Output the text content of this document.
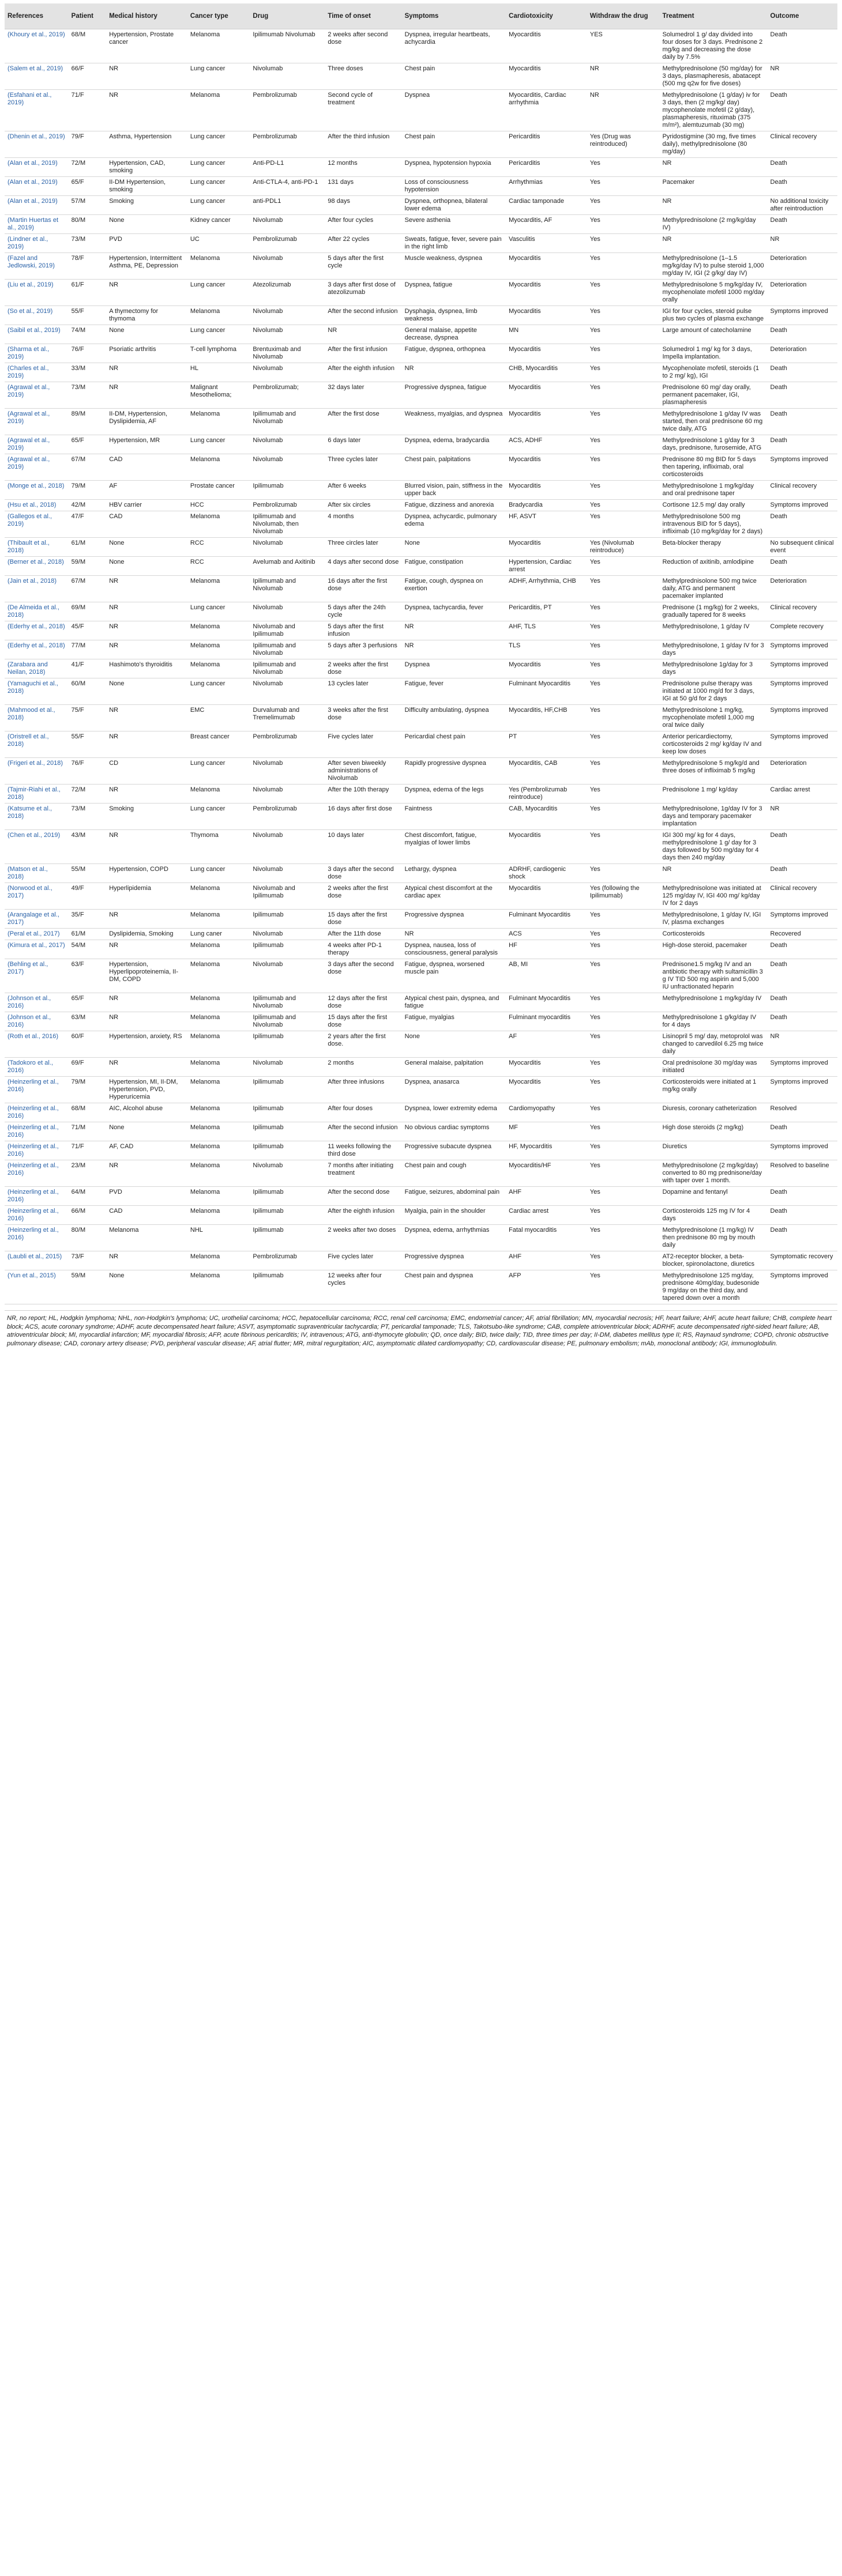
References	Patient	Medical history	Cancer type	Drug	Time of onset	Symptoms	Cardiotoxicity	Withdraw the drug	Treatment	Outcome
(Khoury et al., 2019)	68/M	Hypertension, Prostate cancer	Melanoma	Ipilimumab Nivolumab	2 weeks after second dose	Dyspnea, irregular heartbeats, achycardia	Myocarditis	YES	Solumedrol 1 g/ day divided into four doses for 3 days. Prednisone 2 mg/kg and decreasing the dose daily by 7.5%	Death
(Salem et al., 2019)	66/F	NR	Lung cancer	Nivolumab	Three doses	Chest pain	Myocarditis	NR	Methylprednisolone (50 mg/day) for 3 days, plasmapheresis, abatacept (500 mg q2w for five doses)	NR
(Esfahani et al., 2019)	71/F	NR	Melanoma	Pembrolizumab	Second cycle of treatment	Dyspnea	Myocarditis, Cardiac arrhythmia	NR	Methylprednisolone (1 g/day) iv for 3 days, then (2 mg/kg/ day) mycophenolate mofetil (2 g/day), plasmapheresis, rituximab (375 m/m²), alemtuzumab (30 mg)	Death
(Dhenin et al., 2019)	79/F	Asthma, Hypertension	Lung cancer	Pembrolizumab	After the third infusion	Chest pain	Pericarditis	Yes (Drug was reintroduced)	Pyridostigmine (30 mg, five times daily), methylprednisolone (80 mg/day)	Clinical recovery
(Alan et al., 2019)	72/M	Hypertension, CAD, smoking	Lung cancer	Anti-PD-L1	12 months	Dyspnea, hypotension hypoxia	Pericarditis	Yes	NR	Death
(Alan et al., 2019)	65/F	II-DM Hypertension, smoking	Lung cancer	Anti-CTLA-4, anti-PD-1	131 days	Loss of consciousness hypotension	Arrhythmias	Yes	Pacemaker	Death
(Alan et al., 2019)	57/M	Smoking	Lung cancer	anti-PDL1	98 days	Dyspnea, orthopnea, bilateral lower edema	Cardiac tamponade	Yes	NR	No additional toxicity after reintroduction
(Martin Huertas et al., 2019)	80/M	None	Kidney cancer	Nivolumab	After four cycles	Severe asthenia	Myocarditis, AF	Yes	Methylprednisolone (2 mg/kg/day IV)	Death
(Lindner et al., 2019)	73/M	PVD	UC	Pembrolizumab	After 22 cycles	Sweats, fatigue, fever, severe pain in the right limb	Vasculitis	Yes	NR	NR
(Fazel and Jedlowski, 2019)	78/F	Hypertension, Intermittent Asthma, PE, Depression	Melanoma	Nivolumab	5 days after the first cycle	Muscle weakness, dyspnea	Myocarditis	Yes	Methylprednisolone (1–1.5 mg/kg/day IV) to pulse steroid 1,000 mg/day IV, IGI (2 g/kg/ day IV)	Deterioration
(Liu et al., 2019)	61/F	NR	Lung cancer	Atezolizumab	3 days after first dose of atezolizumab	Dyspnea, fatigue	Myocarditis	Yes	Methylprednisolone 5 mg/kg/day IV, mycophenolate mofetil 1000 mg/day orally	Deterioration
(So et al., 2019)	55/F	A thymectomy for thymoma	Melanoma	Nivolumab	After the second infusion	Dysphagia, dyspnea, limb weakness	Myocarditis	Yes	IGI for four cycles, steroid pulse plus two cycles of plasma exchange	Symptoms improved
(Saibil et al., 2019)	74/M	None	Lung cancer	Nivolumab	NR	General malaise, appetite decrease, dyspnea	MN	Yes	Large amount of catecholamine	Death
(Sharma et al., 2019)	76/F	Psoriatic arthritis	T-cell lymphoma	Brentuximab and Nivolumab	After the first infusion	Fatigue, dyspnea, orthopnea	Myocarditis	Yes	Solumedrol 1 mg/ kg for 3 days, Impella implantation.	Deterioration
(Charles et al., 2019)	33/M	NR	HL	Nivolumab	After the eighth infusion	NR	CHB, Myocarditis	Yes	Mycophenolate mofetil, steroids (1 to 2 mg/ kg), IGI	Death
(Agrawal et al., 2019)	73/M	NR	Malignant Mesothelioma;	Pembrolizumab;	32 days later	Progressive dyspnea, fatigue	Myocarditis	Yes	Prednisolone 60 mg/ day orally, permanent pacemaker, IGI, plasmapheresis	Death
(Agrawal et al., 2019)	89/M	II-DM, Hypertension, Dyslipidemia, AF	Melanoma	Ipilimumab and Nivolumab	After the first dose	Weakness, myalgias, and dyspnea	Myocarditis	Yes	Methylprednisolone 1 g/day IV was started, then oral prednisone 60 mg twice daily, ATG	Death
(Agrawal et al., 2019)	65/F	Hypertension, MR	Lung cancer	Nivolumab	6 days later	Dyspnea, edema, bradycardia	ACS, ADHF	Yes	Methylprednisolone 1 g/day for 3 days, prednisone, furosemide, ATG	Death
(Agrawal et al., 2019)	67/M	CAD	Melanoma	Nivolumab	Three cycles later	Chest pain, palpitations	Myocarditis	Yes	Prednisone 80 mg BID for 5 days then tapering, infliximab, oral corticosteroids	Symptoms improved
(Monge et al., 2018)	79/M	AF	Prostate cancer	Ipilimumab	After 6 weeks	Blurred vision, pain, stiffness in the upper back	Myocarditis	Yes	Methylprednisolone 1 mg/kg/day and oral prednisone taper	Clinical recovery
(Hsu et al., 2018)	42/M	HBV carrier	HCC	Pembrolizumab	After six circles	Fatigue, dizziness and anorexia	Bradycardia	Yes	Cortisone 12.5 mg/ day orally	Symptoms improved
(Gallegos et al., 2019)	47/F	CAD	Melanoma	Ipilimumab and Nivolumab, then Nivolumab	4 months	Dyspnea, achycardic, pulmonary edema	HF, ASVT	Yes	Methylprednisolone 500 mg intravenous BID for 5 days), infliximab (10 mg/kg/day for 2 days)	Death
(Thibault et al., 2018)	61/M	None	RCC	Nivolumab	Three circles later	None	Myocarditis	Yes (Nivolumab reintroduce)	Beta-blocker therapy	No subsequent clinical event
(Berner et al., 2018)	59/M	None	RCC	Avelumab and Axitinib	4 days after second dose	Fatigue, constipation	Hypertension, Cardiac arrest	Yes	Reduction of axitinib, amlodipine	Death
(Jain et al., 2018)	67/M	NR	Melanoma	Ipilimumab and Nivolumab	16 days after the first dose	Fatigue, cough, dyspnea on exertion	ADHF, Arrhythmia, CHB	Yes	Methylprednisolone 500 mg twice daily, ATG and permanent pacemaker implanted	Deterioration
(De Almeida et al., 2018)	69/M	NR	Lung cancer	Nivolumab	5 days after the 24th cycle	Dyspnea, tachycardia, fever	Pericarditis, PT	Yes	Prednisone (1 mg/kg) for 2 weeks, gradually tapered for 8 weeks	Clinical recovery
(Ederhy et al., 2018)	45/F	NR	Melanoma	Nivolumab and Ipilimumab	5 days after the first infusion	NR	AHF, TLS	Yes	Methylprednisolone, 1 g/day IV	Complete recovery
(Ederhy et al., 2018)	77/M	NR	Melanoma	Ipilimumab and Nivolumab	5 days after 3 perfusions	NR	TLS	Yes	Methylprednisolone, 1 g/day IV for 3 days	Symptoms improved
(Zarabara and Neilan, 2018)	41/F	Hashimoto's thyroiditis	Melanoma	Ipilimumab and Nivolumab	2 weeks after the first dose	Dyspnea	Myocarditis	Yes	Methylprednisolone 1g/day for 3 days	Symptoms improved
(Yamaguchi et al., 2018)	60/M	None	Lung cancer	Nivolumab	13 cycles later	Fatigue, fever	Fulminant Myocarditis	Yes	Prednisolone pulse therapy was initiated at 1000 mg/d for 3 days, IGI at 50 g/d for 2 days	Symptoms improved
(Mahmood et al., 2018)	75/F	NR	EMC	Durvalumab and Tremelimumab	3 weeks after the first dose	Difficulty ambulating, dyspnea	Myocarditis, HF,CHB	Yes	Methylprednisolone 1 mg/kg, mycophenolate mofetil 1,000 mg oral twice daily	Symptoms improved
(Oristrell et al., 2018)	55/F	NR	Breast cancer	Pembrolizumab	Five cycles later	Pericardial chest pain	PT	Yes	Anterior pericardiectomy, corticosteroids 2 mg/ kg/day IV and keep low doses	Symptoms improved
(Frigeri et al., 2018)	76/F	CD	Lung cancer	Nivolumab	After seven biweekly administrations of Nivolumab	Rapidly progressive dyspnea	Myocarditis, CAB	Yes	Methylprednisolone 5 mg/kg/d and three doses of infliximab 5 mg/kg	Deterioration
(Tajmir-Riahi et al., 2018)	72/M	NR	Melanoma	Nivolumab	After the 10th therapy	Dyspnea, edema of the legs	Yes (Pembrolizumab reintroduce)	Yes	Prednisolone 1 mg/ kg/day	Cardiac arrest
(Katsume et al., 2018)	73/M	Smoking	Lung cancer	Pembrolizumab	16 days after first dose	Faintness	CAB, Myocarditis	Yes	Methylprednisolone, 1g/day IV for 3 days and temporary pacemaker implantation	NR
(Chen et al., 2019)	43/M	NR	Thymoma	Nivolumab	10 days later	Chest discomfort, fatigue, myalgias of lower limbs	Myocarditis	Yes	IGI 300 mg/ kg for 4 days, methylprednisolone 1 g/ day for 3 days followed by 500 mg/day for 4 days then 240 mg/day	Death
(Matson et al., 2018)	55/M	Hypertension, COPD	Lung cancer	Nivolumab	3 days after the second dose	Lethargy, dyspnea	ADRHF, cardiogenic shock	Yes	NR	Death
(Norwood et al., 2017)	49/F	Hyperlipidemia	Melanoma	Nivolumab and Ipilimumab	2 weeks after the first dose	Atypical chest discomfort at the cardiac apex	Myocarditis	Yes (following the Ipilimumab)	Methylprednisolone was initiated at 125 mg/day IV, IGI 400 mg/ kg/day IV for 2 days	Clinical recovery
(Arangalage et al., 2017)	35/F	NR	Melanoma	Ipilimumab	15 days after the first dose	Progressive dyspnea	Fulminant Myocarditis	Yes	Methylprednisolone, 1 g/day IV, IGI IV, plasma exchanges	Symptoms improved
(Peral et al., 2017)	61/M	Dyslipidemia, Smoking	Lung caner	Nivolumab	After the 11th dose	NR	ACS	Yes	Corticosteroids	Recovered
(Kimura et al., 2017)	54/M	NR	Melanoma	Ipilimumab	4 weeks after PD-1 therapy	Dyspnea, nausea, loss of consciousness, general paralysis	HF	Yes	High-dose steroid, pacemaker	Death
(Behling et al., 2017)	63/F	Hypertension, Hyperlipoproteinemia, II-DM, COPD	Melanoma	Nivolumab	3 days after the second dose	Fatigue, dyspnea, worsened muscle pain	AB, MI	Yes	Prednisone1.5 mg/kg IV and an antibiotic therapy with sultamicillin 3 g IV TID 500 mg aspirin and 5,000 IU unfractionated heparin	Death
(Johnson et al., 2016)	65/F	NR	Melanoma	Ipilimumab and Nivolumab	12 days after the first dose	Atypical chest pain, dyspnea, and fatigue	Fulminant Myocarditis	Yes	Methylprednisolone 1 mg/kg/day IV	Death
(Johnson et al., 2016)	63/M	NR	Melanoma	Ipilimumab and Nivolumab	15 days after the first dose	Fatigue, myalgias	Fulminant myocarditis	Yes	Methylprednisolone 1 g/kg/day IV for 4 days	Death
(Roth et al., 2016)	60/F	Hypertension, anxiety, RS	Melanoma	Ipilimumab	2 years after the first dose.	None	AF	Yes	Lisinopril 5 mg/ day, metoprolol was changed to carvedilol 6.25 mg twice daily	NR
(Tadokoro et al., 2016)	69/F	NR	Melanoma	Nivolumab	2 months	General malaise, palpitation	Myocarditis	Yes	Oral prednisolone 30 mg/day was initiated	Symptoms improved
(Heinzerling et al., 2016)	79/M	Hypertension, MI, II-DM, Hypertension, PVD, Hyperuricemia	Melanoma	Ipilimumab	After three infusions	Dyspnea, anasarca	Myocarditis	Yes	Corticosteroids were initiated at 1 mg/kg orally	Symptoms improved
(Heinzerling et al., 2016)	68/M	AIC, Alcohol abuse	Melanoma	Ipilimumab	After four doses	Dyspnea, lower extremity edema	Cardiomyopathy	Yes	Diuresis, coronary catheterization	Resolved
(Heinzerling et al., 2016)	71/M	None	Melanoma	Ipilimumab	After the second infusion	No obvious cardiac symptoms	MF	Yes	High dose steroids (2 mg/kg)	Death
(Heinzerling et al., 2016)	71/F	AF, CAD	Melanoma	Ipilimumab	11 weeks following the third dose	Progressive subacute dyspnea	HF, Myocarditis	Yes	Diuretics	Symptoms improved
(Heinzerling et al., 2016)	23/M	NR	Melanoma	Nivolumab	7 months after initiating treatment	Chest pain and cough	Myocarditis/HF	Yes	Methylprednisolone (2 mg/kg/day) converted to 80 mg prednisone/day with taper over 1 month.	Resolved to baseline
(Heinzerling et al., 2016)	64/M	PVD	Melanoma	Ipilimumab	After the second dose	Fatigue, seizures, abdominal pain	AHF	Yes	Dopamine and fentanyl	Death
(Heinzerling et al., 2016)	66/M	CAD	Melanoma	Ipilimumab	After the eighth infusion	Myalgia, pain in the shoulder	Cardiac arrest	Yes	Corticosteroids 125 mg IV for 4 days	Death
(Heinzerling et al., 2016)	80/M	Melanoma	NHL	Ipilimumab	2 weeks after two doses	Dyspnea, edema, arrhythmias	Fatal myocarditis	Yes	Methylprednisolone (1 mg/kg) IV then prednisone 80 mg by mouth daily	Death
(Laubli et al., 2015)	73/F	NR	Melanoma	Pembrolizumab	Five cycles later	Progressive dyspnea	AHF	Yes	AT2-receptor blocker, a beta-blocker, spironolactone, diuretics	Symptomatic recovery
(Yun et al., 2015)	59/M	None	Melanoma	Ipilimumab	12 weeks after four cycles	Chest pain and dyspnea	AFP	Yes	Methylprednisolone 125 mg/day, prednisone 40mg/day, budesonide 9 mg/day on the third day, and tapered down over a month	Symptoms improved
NR, no report; HL, Hodgkin lymphoma; NHL, non-Hodgkin's lymphoma; UC, urothelial carcinoma; HCC, hepatocellular carcinoma; RCC, renal cell carcinoma; EMC, endometrial cancer; AF, atrial fibrillation; MN, myocardial necrosis; HF, heart failure; AHF, acute heart failure; CHB, complete heart block; ACS, acute coronary syndrome; ADHF, acute decompensated heart failure; ASVT, asymptomatic supraventricular tachycardia; PT, pericardial tamponade; TLS, Takotsubo-like syndrome; CAB, complete atrioventricular block; ADRHF, acute decompensated right-sided heart failure; AB, atrioventricular block; MI, myocardial infarction; MF, myocardial fibrosis; AFP, acute fibrinous pericarditis; IV, intravenous; ATG, anti-thymocyte globulin; QD, once daily; BID, twice daily; TID, three times per day; II-DM, diabetes mellitus type II; RS, Raynaud syndrome; COPD, chronic obstructive pulmonary disease; CAD, coronary artery disease; PVD, peripheral vascular disease; AF, atrial flutter; MR, mitral regurgitation; AIC, asymptomatic dilated cardiomyopathy; CD, cardiovascular disease; PE, pulmonary embolism; mAb, monoclonal antibody; IGI, immunoglobulin.
